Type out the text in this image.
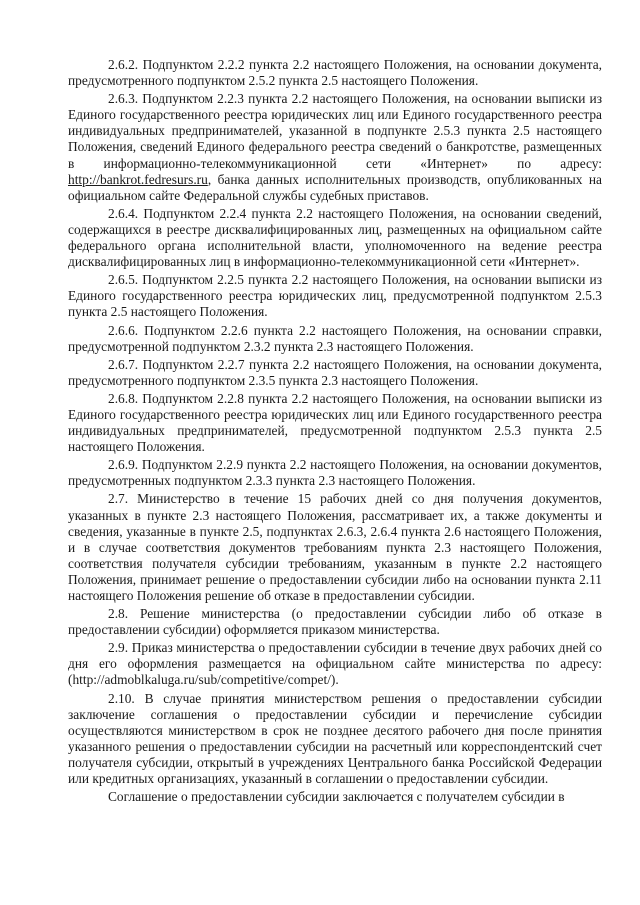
2.6.2. Подпунктом 2.2.2 пункта 2.2 настоящего Положения, на основании документа, предусмотренного подпунктом 2.5.2 пункта 2.5 настоящего Положения.

2.6.3. Подпунктом 2.2.3 пункта 2.2 настоящего Положения, на основании выписки из Единого государственного реестра юридических лиц или Единого государственного реестра индивидуальных предпринимателей, указанной в подпункте 2.5.3 пункта 2.5 настоящего Положения, сведений Единого федерального реестра сведений о банкротстве, размещенных в информационно-телекоммуникационной сети «Интернет» по адресу: http://bankrot.fedresurs.ru, банка данных исполнительных производств, опубликованных на официальном сайте Федеральной службы судебных приставов.

2.6.4. Подпунктом 2.2.4 пункта 2.2 настоящего Положения, на основании сведений, содержащихся в реестре дисквалифицированных лиц, размещенных на официальном сайте федерального органа исполнительной власти, уполномоченного на ведение реестра дисквалифицированных лиц в информационно-телекоммуникационной сети «Интернет».

2.6.5. Подпунктом 2.2.5 пункта 2.2 настоящего Положения, на основании выписки из Единого государственного реестра юридических лиц, предусмотренной подпунктом 2.5.3 пункта 2.5 настоящего Положения.

2.6.6. Подпунктом 2.2.6 пункта 2.2 настоящего Положения, на основании справки, предусмотренной подпунктом 2.3.2 пункта 2.3 настоящего Положения.

2.6.7. Подпунктом 2.2.7 пункта 2.2 настоящего Положения, на основании документа, предусмотренного подпунктом 2.3.5 пункта 2.3 настоящего Положения.

2.6.8. Подпунктом 2.2.8 пункта 2.2 настоящего Положения, на основании выписки из Единого государственного реестра юридических лиц или Единого государственного реестра индивидуальных предпринимателей, предусмотренной подпунктом 2.5.3 пункта 2.5 настоящего Положения.

2.6.9. Подпунктом 2.2.9 пункта 2.2 настоящего Положения, на основании документов, предусмотренных подпунктом 2.3.3 пункта 2.3 настоящего Положения.

2.7. Министерство в течение 15 рабочих дней со дня получения документов, указанных в пункте 2.3 настоящего Положения, рассматривает их, а также документы и сведения, указанные в пункте 2.5, подпунктах 2.6.3, 2.6.4 пункта 2.6 настоящего Положения, и в случае соответствия документов требованиям пункта 2.3 настоящего Положения, соответствия получателя субсидии требованиям, указанным в пункте 2.2 настоящего Положения, принимает решение о предоставлении субсидии либо на основании пункта 2.11 настоящего Положения решение об отказе в предоставлении субсидии.

2.8. Решение министерства (о предоставлении субсидии либо об отказе в предоставлении субсидии) оформляется приказом министерства.

2.9. Приказ министерства о предоставлении субсидии в течение двух рабочих дней со дня его оформления размещается на официальном сайте министерства по адресу: (http://admoblkaluga.ru/sub/competitive/compet/).

2.10. В случае принятия министерством решения о предоставлении субсидии заключение соглашения о предоставлении субсидии и перечисление субсидии осуществляются министерством в срок не позднее десятого рабочего дня после принятия указанного решения о предоставлении субсидии на расчетный или корреспондентский счет получателя субсидии, открытый в учреждениях Центрального банка Российской Федерации или кредитных организациях, указанный в соглашении о предоставлении субсидии.

Соглашение о предоставлении субсидии заключается с получателем субсидии в
